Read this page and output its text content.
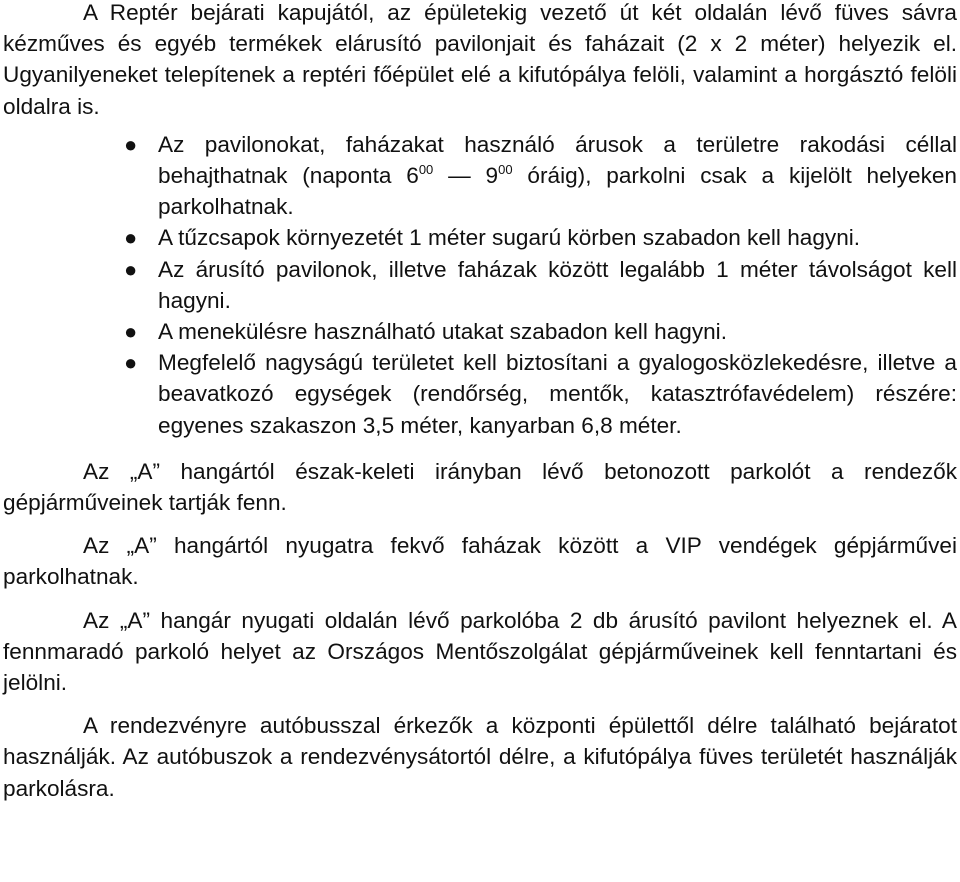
A Reptér bejárati kapujától, az épületekig vezető út két oldalán lévő füves sávra kézműves és egyéb termékek elárusító pavilonjait és faházait (2 x 2 méter) helyezik el. Ugyanilyeneket telepítenek a reptéri főépület elé a kifutópálya felöli, valamint a horgásztó felöli oldalra is.

● Az pavilonokat, faházakat használó árusok a területre rakodási céllal behajthatnak (naponta $6^{00}$ — $9^{00}$ óráig), parkolni csak a kijelölt helyeken parkolhatnak.
● A tűzcsapok környezetét 1 méter sugarú körben szabadon kell hagyni.
● Az árusító pavilonok, illetve faházak között legalább 1 méter távolságot kell hagyni.
● A menekülésre használható utakat szabadon kell hagyni.
● Megfelelő nagyságú területet kell biztosítani a gyalogosközlekedésre, illetve a beavatkozó egységek (rendőrség, mentők, katasztrófavédelem) részére: egyenes szakaszon 3,5 méter, kanyarban 6,8 méter.

Az „A” hangártól észak-keleti irányban lévő betonozott parkolót a rendezők gépjárműveinek tartják fenn.

Az „A” hangártól nyugatra fekvő faházak között a VIP vendégek gépjárművei parkolhatnak.

Az „A” hangár nyugati oldalán lévő parkolóba 2 db árusító pavilont helyeznek el. A fennmaradó parkoló helyet az Országos Mentőszolgálat gépjárműveinek kell fenntartani és jelölni.

A rendezvényre autóbusszal érkezők a központi épülettől délre található bejáratot használják. Az autóbuszok a rendezvénysátortól délre, a kifutópálya füves területét használják parkolásra.
